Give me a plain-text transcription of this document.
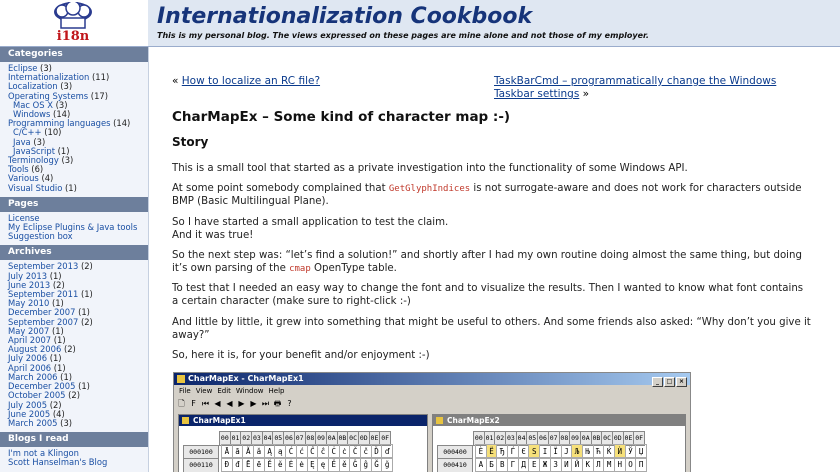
i18n
Internationalization Cookbook
This is my personal blog. The views expressed on these pages are mine alone and not those of my employer.
Categories
Eclipse (3)
Internationalization (11)
Localization (3)
Operating Systems (17)
Mac OS X (3)
Windows (14)
Programming languages (14)
C/C++ (10)
Java (3)
JavaScript (1)
Terminology (3)
Tools (6)
Various (4)
Visual Studio (1)
Pages
License
My Eclipse Plugins & Java tools
Suggestion box
Archives
September 2013 (2)
July 2013 (1)
June 2013 (2)
September 2011 (1)
May 2010 (1)
December 2007 (1)
September 2007 (2)
May 2007 (1)
April 2007 (1)
August 2006 (2)
July 2006 (1)
April 2006 (1)
March 2006 (1)
December 2005 (1)
October 2005 (2)
July 2005 (2)
June 2005 (4)
March 2005 (3)
Blogs I read
I'm not a Klingon
Scott Hanselman's Blog
« How to localize an RC file?	TaskBarCmd – programmatically change the Windows Taskbar settings »
CharMapEx – Some kind of character map :-)
Story

This is a small tool that started as a private investigation into the functionality of some Windows API.

At some point somebody complained that GetGlyphIndices is not surrogate-aware and does not work for characters outside BMP (Basic Multilingual Plane).

So I have started a small application to test the claim.
And it was true!

So the next step was: “let’s find a solution!” and shortly after I had my own routine doing almost the same thing, but doing it’s own parsing of the cmap OpenType table.

To test that I needed an easy way to change the font and to visualize the results. Then I wanted to know what font contains a certain character (make sure to right-click :-)

And little by little, it grew into something that might be useful to others. And some friends also asked: “Why don’t you give it away?”

So, here it is, for your benefit and/or enjoyment :-)

CharMapEx - CharMapEx1	_ □ ×
File View Edit Window Help
🗋 F ⏮ ◀ ◀ ▶ ▶ ⏭ 🖶 ?
CharMapEx1
00 01 02 03 04 05 06 07 08 09 0A 0B 0C 0D 0E 0F
000100 Ā ā Ă ă Ą ą Ć ć Ĉ ĉ Ċ ċ Č č Ď ď
000110 Đ đ Ē ē Ĕ ĕ Ė ė Ę ę Ě ě Ĝ ĝ Ğ ğ
CharMapEx2
00 01 02 03 04 05 06 07 08 09 0A 0B 0C 0D 0E 0F
000400 Ѐ Ё Ђ Ѓ Є Ѕ І Ї Ј Љ Њ Ћ Ќ Ѝ Ў Џ
000410 А Б В Г Д Е Ж З И Й К Л М Н О П
